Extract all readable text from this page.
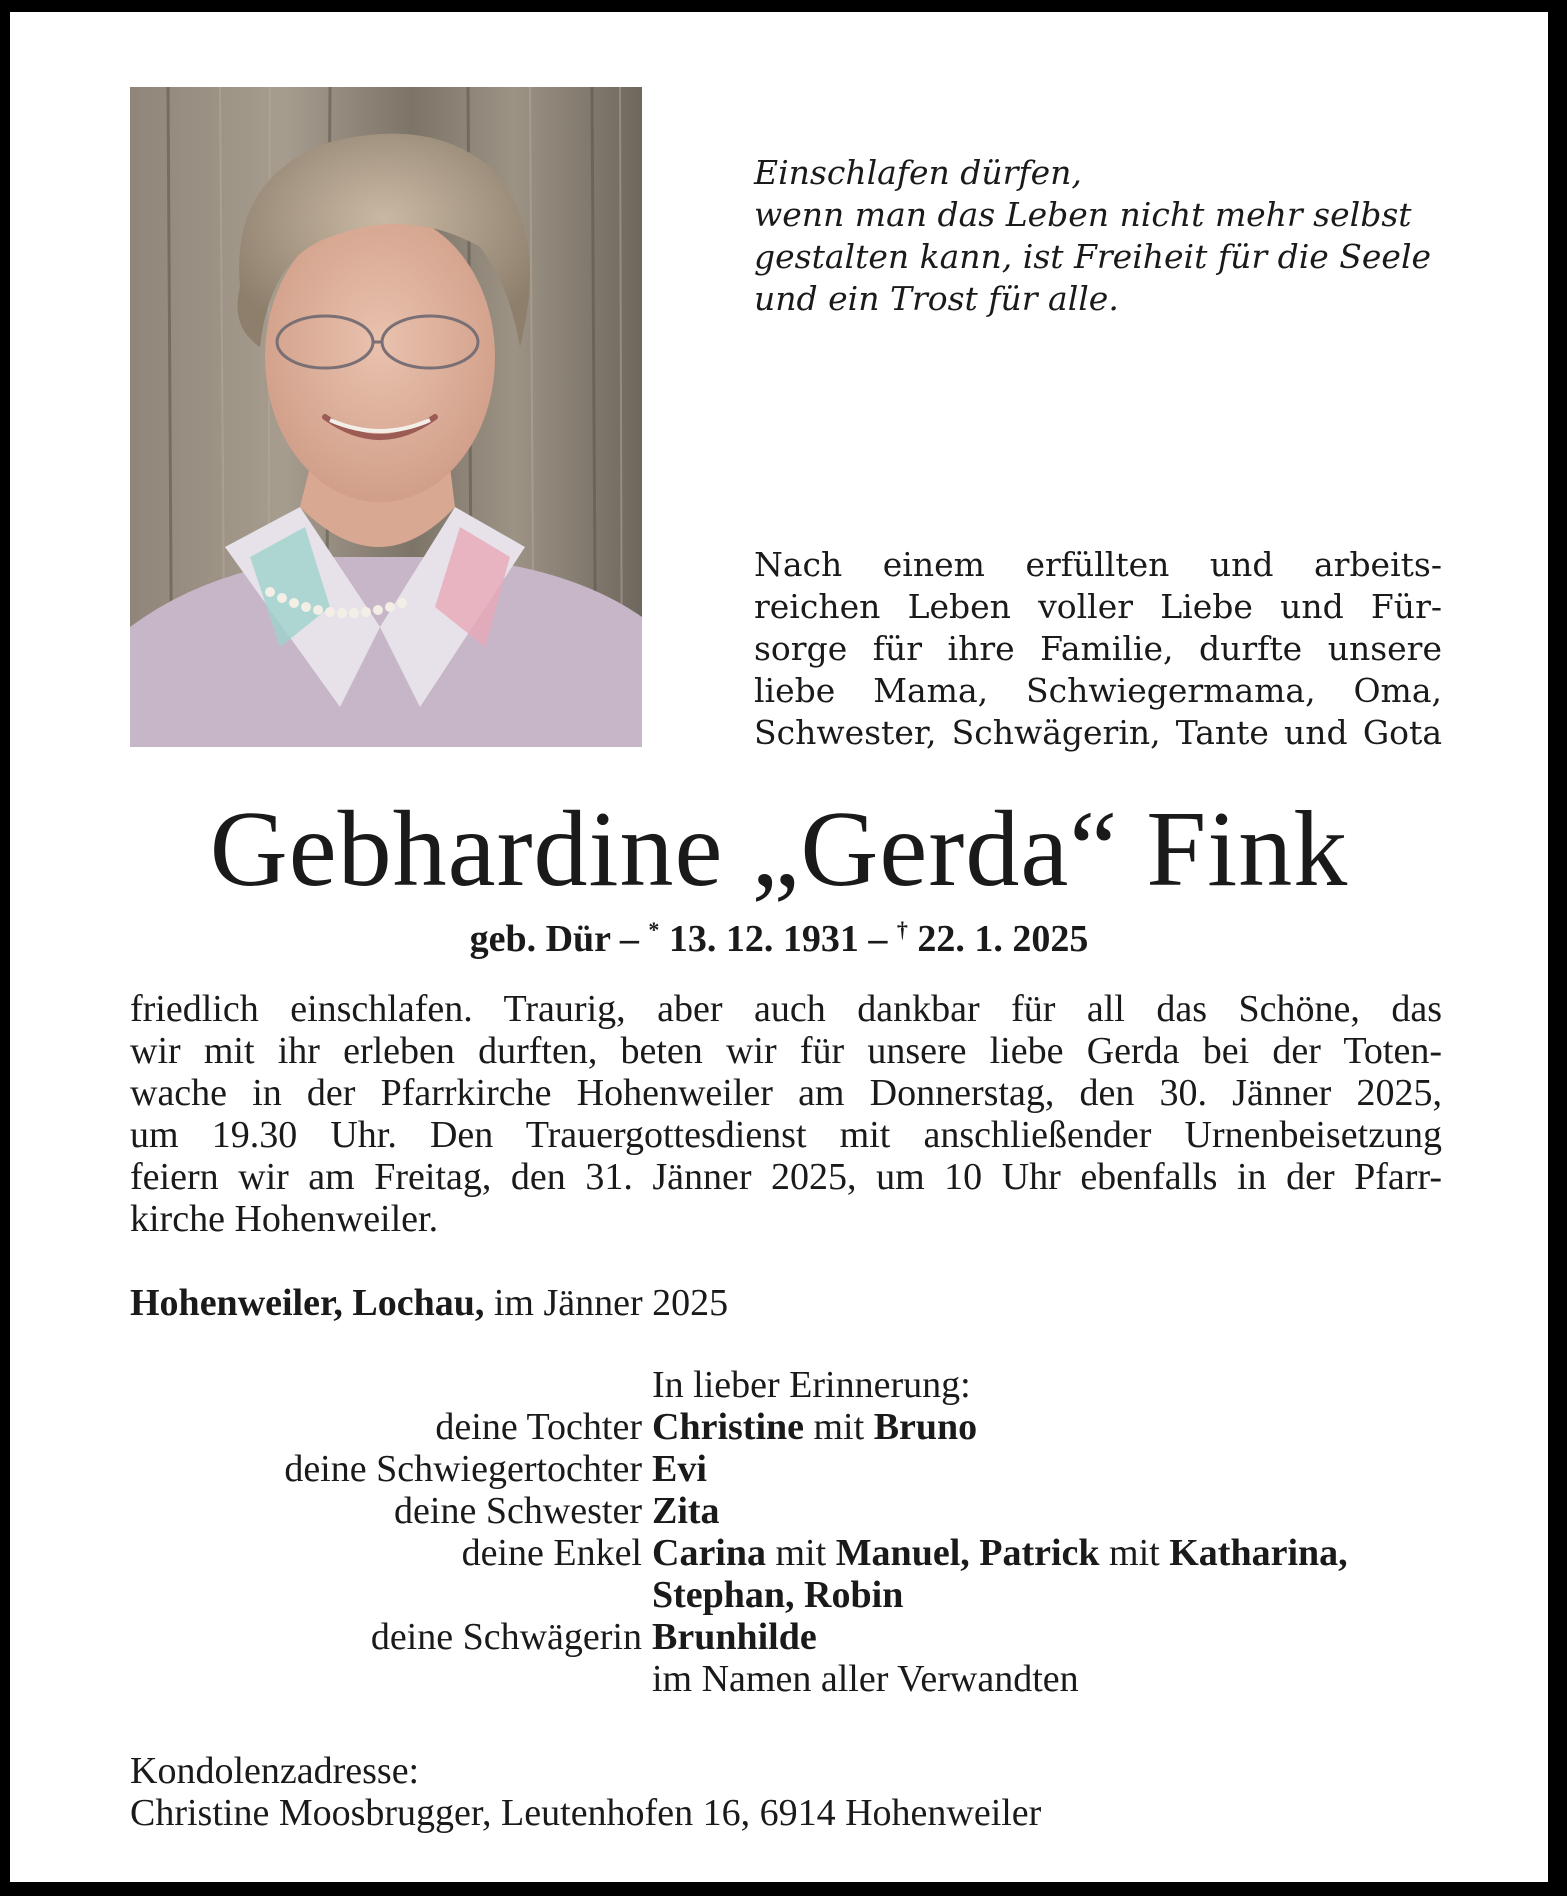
Einschlafen dürfen,
wenn man das Leben nicht mehr selbst
gestalten kann, ist Freiheit für die Seele
und ein Trost für alle.
Nach einem erfüllten und arbeits-
reichen Leben voller Liebe und Für-
sorge für ihre Familie, durfte unsere
liebe Mama, Schwiegermama, Oma,
Schwester, Schwägerin, Tante und Gota
Gebhardine „Gerda“ Fink
geb. Dür – * 13. 12. 1931 – † 22. 1. 2025
friedlich einschlafen. Traurig, aber auch dankbar für all das Schöne, das
wir mit ihr erleben durften, beten wir für unsere liebe Gerda bei der Toten-
wache in der Pfarrkirche Hohenweiler am Donnerstag, den 30. Jänner 2025,
um 19.30 Uhr. Den Trauergottesdienst mit anschließender Urnenbeisetzung
feiern wir am Freitag, den 31. Jänner 2025, um 10 Uhr ebenfalls in der Pfarr-
kirche Hohenweiler.
Hohenweiler, Lochau, im Jänner 2025
In lieber Erinnerung:
deine Tochter Christine mit Bruno
deine Schwiegertochter Evi
deine Schwester Zita
deine Enkel Carina mit Manuel, Patrick mit Katharina,
Stephan, Robin
deine Schwägerin Brunhilde
im Namen aller Verwandten
Kondolenzadresse:
Christine Moosbrugger, Leutenhofen 16, 6914 Hohenweiler
